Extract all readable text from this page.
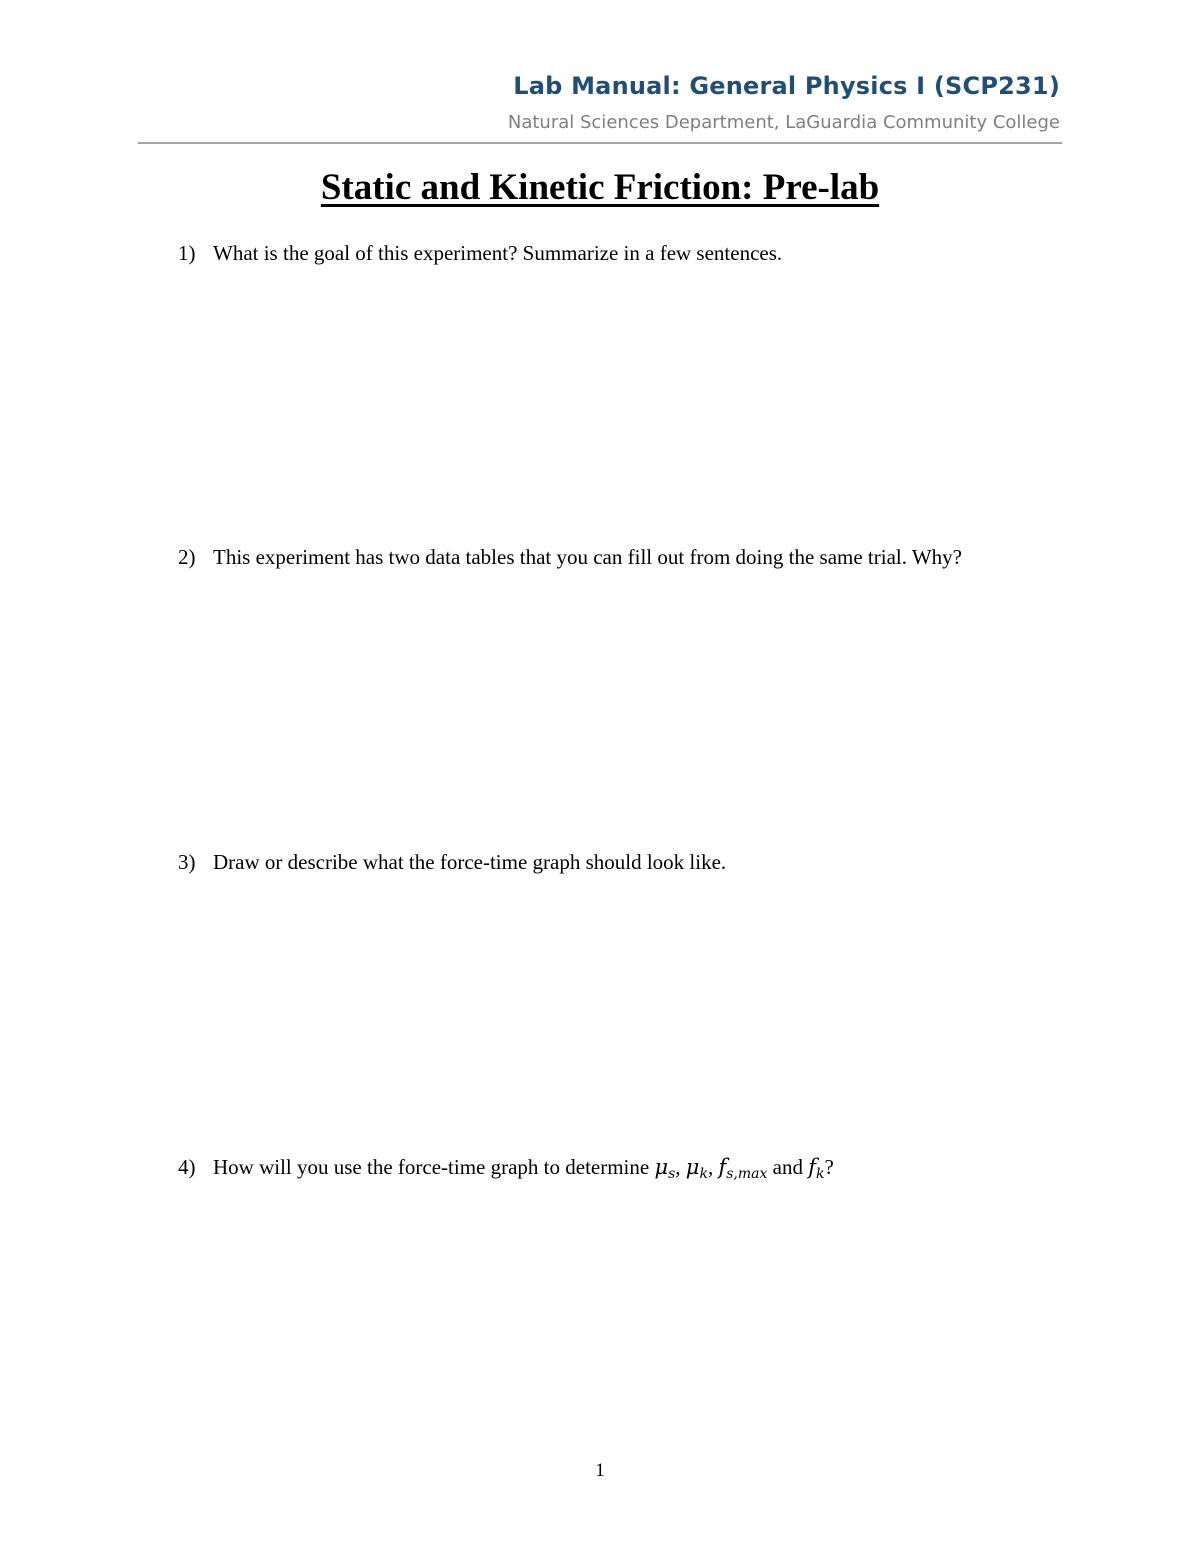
Lab Manual: General Physics I (SCP231)
Natural Sciences Department, LaGuardia Community College
Static and Kinetic Friction: Pre-lab
1) What is the goal of this experiment? Summarize in a few sentences.
2) This experiment has two data tables that you can fill out from doing the same trial. Why?
3) Draw or describe what the force-time graph should look like.
4) How will you use the force-time graph to determine $\mu_s$, $\mu_k$, $f_{s,max}$ and $f_k$?
1
